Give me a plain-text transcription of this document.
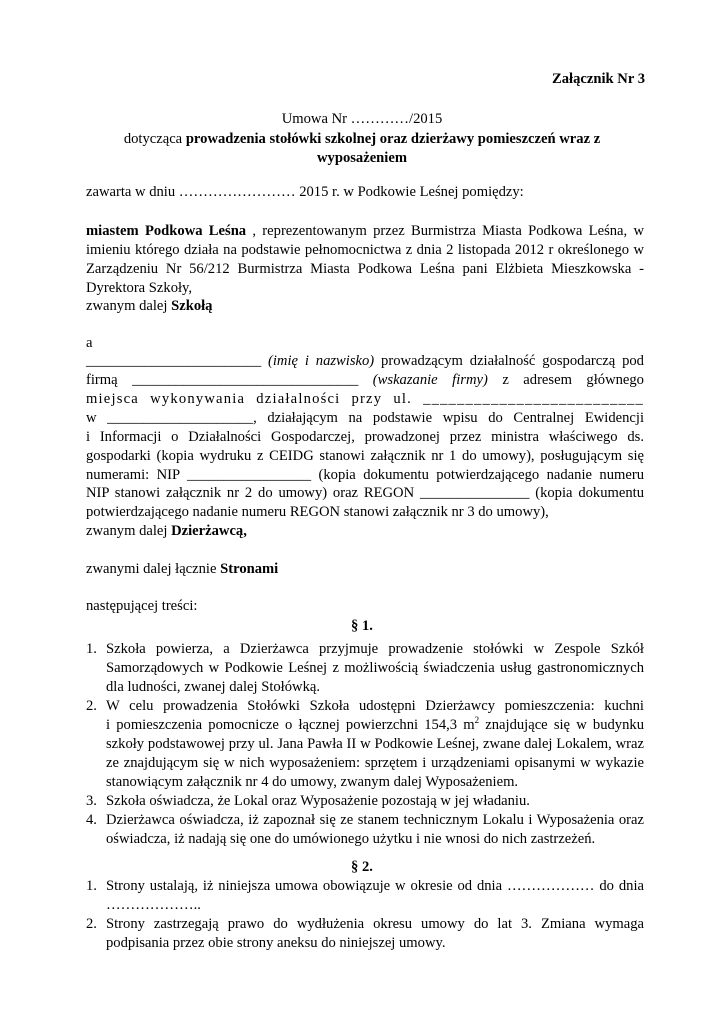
Załącznik Nr 3
Umowa Nr …………/2015
dotycząca prowadzenia stołówki szkolnej oraz dzierżawy pomieszczeń wraz z
wyposażeniem
zawarta w dniu …………………… 2015 r. w Podkowie Leśnej pomiędzy:
miastem Podkowa Leśna , reprezentowanym przez Burmistrza Miasta Podkowa Leśna, w
imieniu którego działa na podstawie pełnomocnictwa z dnia 2 listopada 2012 r określonego w
Zarządzeniu Nr 56/212 Burmistrza Miasta Podkowa Leśna pani Elżbieta Mieszkowska -
Dyrektora Szkoły,
zwanym dalej Szkołą
a
________________________ (imię i nazwisko) prowadzącym działalność gospodarczą pod
firmą _______________________________ (wskazanie firmy) z adresem głównego
miejsca wykonywania działalności przy ul. __________________________
w ____________________, działającym na podstawie wpisu do Centralnej Ewidencji
i Informacji o Działalności Gospodarczej, prowadzonej przez ministra właściwego ds.
gospodarki (kopia wydruku z CEIDG stanowi załącznik nr 1 do umowy), posługującym się
numerami: NIP _________________ (kopia dokumentu potwierdzającego nadanie numeru
NIP stanowi załącznik nr 2 do umowy) oraz REGON _______________ (kopia dokumentu
potwierdzającego nadanie numeru REGON stanowi załącznik nr 3 do umowy),
zwanym dalej Dzierżawcą,
zwanymi dalej łącznie Stronami
następującej treści:
§ 1.
1. Szkoła powierza, a Dzierżawca przyjmuje prowadzenie stołówki w Zespole Szkół
Samorządowych w Podkowie Leśnej z możliwością świadczenia usług gastronomicznych
dla ludności, zwanej dalej Stołówką.
2. W celu prowadzenia Stołówki Szkoła udostępni Dzierżawcy pomieszczenia: kuchni
i pomieszczenia pomocnicze o łącznej powierzchni 154,3 $m^2$ znajdujące się w budynku
szkoły podstawowej przy ul. Jana Pawła II w Podkowie Leśnej, zwane dalej Lokalem, wraz
ze znajdującym się w nich wyposażeniem: sprzętem i urządzeniami opisanymi w wykazie
stanowiącym załącznik nr 4 do umowy, zwanym dalej Wyposażeniem.
3. Szkoła oświadcza, że Lokal oraz Wyposażenie pozostają w jej władaniu.
4. Dzierżawca oświadcza, iż zapoznał się ze stanem technicznym Lokalu i Wyposażenia oraz
oświadcza, iż nadają się one do umówionego użytku i nie wnosi do nich zastrzeżeń.
§ 2.
1. Strony ustalają, iż niniejsza umowa obowiązuje w okresie od dnia ……………… do dnia
………………..
2. Strony zastrzegają prawo do wydłużenia okresu umowy do lat 3. Zmiana wymaga
podpisania przez obie strony aneksu do niniejszej umowy.
